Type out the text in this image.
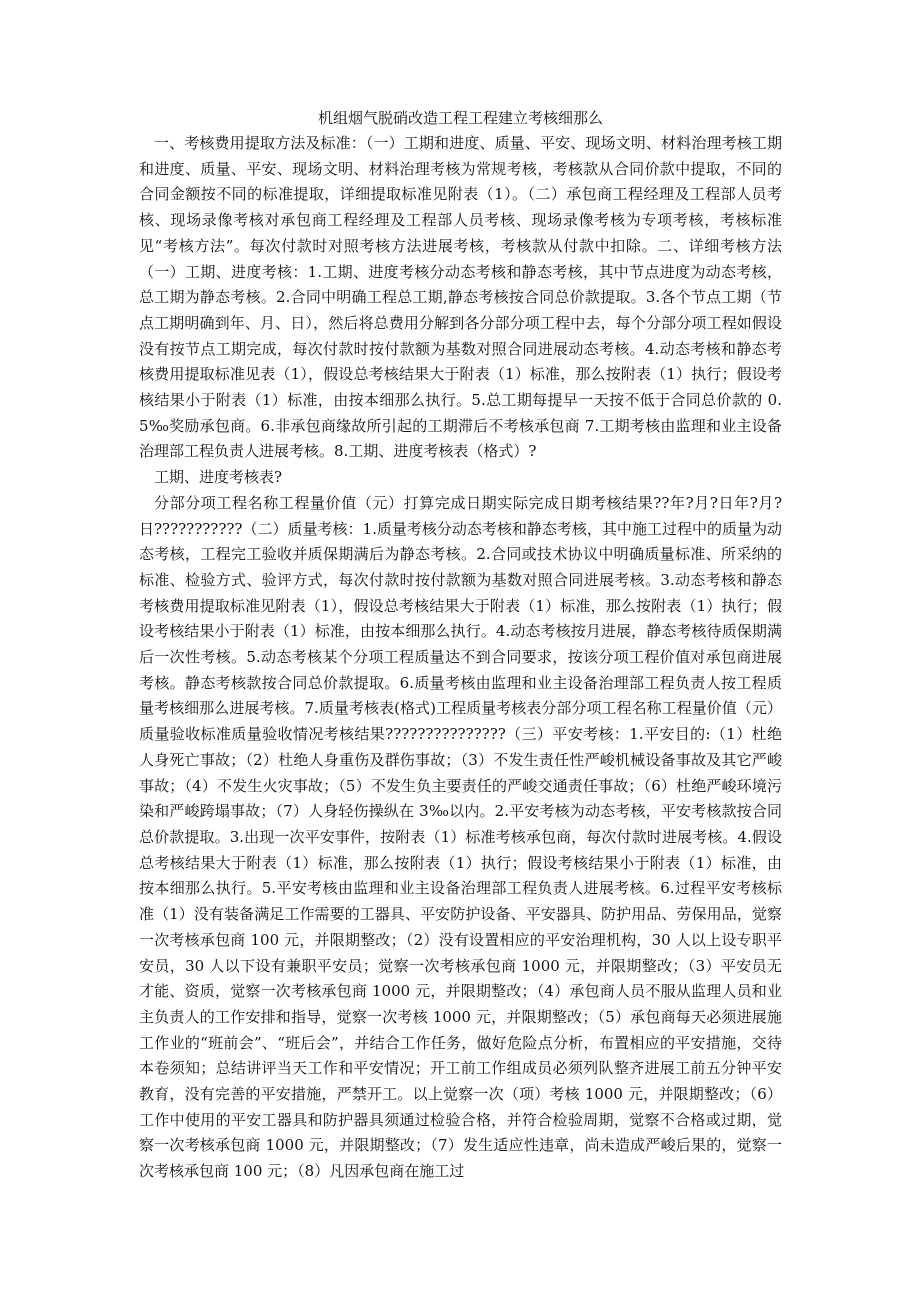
机组烟气脱硝改造工程工程建立考核细那么

一、考核费用提取方法及标准：（一）工期和进度、质量、平安、现场文明、材料治理考核工期和进度、质量、平安、现场文明、材料治理考核为常规考核，考核款从合同价款中提取，不同的合同金额按不同的标准提取，详细提取标准见附表（1）。（二）承包商工程经理及工程部人员考核、现场录像考核对承包商工程经理及工程部人员考核、现场录像考核为专项考核，考核标准见“考核方法”。每次付款时对照考核方法进展考核，考核款从付款中扣除。二、详细考核方法（一）工期、进度考核：1.工期、进度考核分动态考核和静态考核，其中节点进度为动态考核，总工期为静态考核。2.合同中明确工程总工期,静态考核按合同总价款提取。3.各个节点工期（节点工期明确到年、月、日），然后将总费用分解到各分部分项工程中去，每个分部分项工程如假设没有按节点工期完成，每次付款时按付款额为基数对照合同进展动态考核。4.动态考核和静态考核费用提取标准见表（1），假设总考核结果大于附表（1）标准，那么按附表（1）执行；假设考核结果小于附表（1）标准，由按本细那么执行。5.总工期每提早一天按不低于合同总价款的 0.5‰奖励承包商。6.非承包商缘故所引起的工期滞后不考核承包商 7.工期考核由监理和业主设备治理部工程负责人进展考核。8.工期、进度考核表（格式）?

工期、进度考核表?

分部分项工程名称工程量价值（元）打算完成日期实际完成日期考核结果??年?月?日年?月?日???????????（二）质量考核：1.质量考核分动态考核和静态考核，其中施工过程中的质量为动态考核，工程完工验收并质保期满后为静态考核。2.合同或技术协议中明确质量标准、所采纳的标准、检验方式、验评方式，每次付款时按付款额为基数对照合同进展考核。3.动态考核和静态考核费用提取标准见附表（1），假设总考核结果大于附表（1）标准，那么按附表（1）执行；假设考核结果小于附表（1）标准，由按本细那么执行。4.动态考核按月进展，静态考核待质保期满后一次性考核。5.动态考核某个分项工程质量达不到合同要求，按该分项工程价值对承包商进展考核。静态考核款按合同总价款提取。6.质量考核由监理和业主设备治理部工程负责人按工程质量考核细那么进展考核。7.质量考核表(格式)工程质量考核表分部分项工程名称工程量价值（元）质量验收标准质量验收情况考核结果???????????????（三）平安考核：1.平安目的:（1）杜绝人身死亡事故；（2）杜绝人身重伤及群伤事故；（3）不发生责任性严峻机械设备事故及其它严峻事故；（4）不发生火灾事故；（5）不发生负主要责任的严峻交通责任事故；（6）杜绝严峻环境污染和严峻跨塌事故；（7）人身轻伤操纵在 3‰以内。2.平安考核为动态考核，平安考核款按合同总价款提取。3.出现一次平安事件，按附表（1）标准考核承包商，每次付款时进展考核。4.假设总考核结果大于附表（1）标准，那么按附表（1）执行；假设考核结果小于附表（1）标准，由按本细那么执行。5.平安考核由监理和业主设备治理部工程负责人进展考核。6.过程平安考核标准（1）没有装备满足工作需要的工器具、平安防护设备、平安器具、防护用品、劳保用品，觉察一次考核承包商 100 元，并限期整改；（2）没有设置相应的平安治理机构，30 人以上设专职平安员，30 人以下设有兼职平安员；觉察一次考核承包商 1000 元，并限期整改；（3）平安员无才能、资质，觉察一次考核承包商 1000 元，并限期整改；（4）承包商人员不服从监理人员和业主负责人的工作安排和指导，觉察一次考核 1000 元，并限期整改；（5）承包商每天必须进展施工作业的“班前会”、“班后会”，并结合工作任务，做好危险点分析，布置相应的平安措施，交待本卷须知；总结讲评当天工作和平安情况；开工前工作组成员必须列队整齐进展工前五分钟平安教育，没有完善的平安措施，严禁开工。以上觉察一次（项）考核 1000 元，并限期整改；（6）工作中使用的平安工器具和防护器具须通过检验合格，并符合检验周期，觉察不合格或过期，觉察一次考核承包商 1000 元，并限期整改；（7）发生适应性违章，尚未造成严峻后果的，觉察一次考核承包商 100 元；（8）凡因承包商在施工过
